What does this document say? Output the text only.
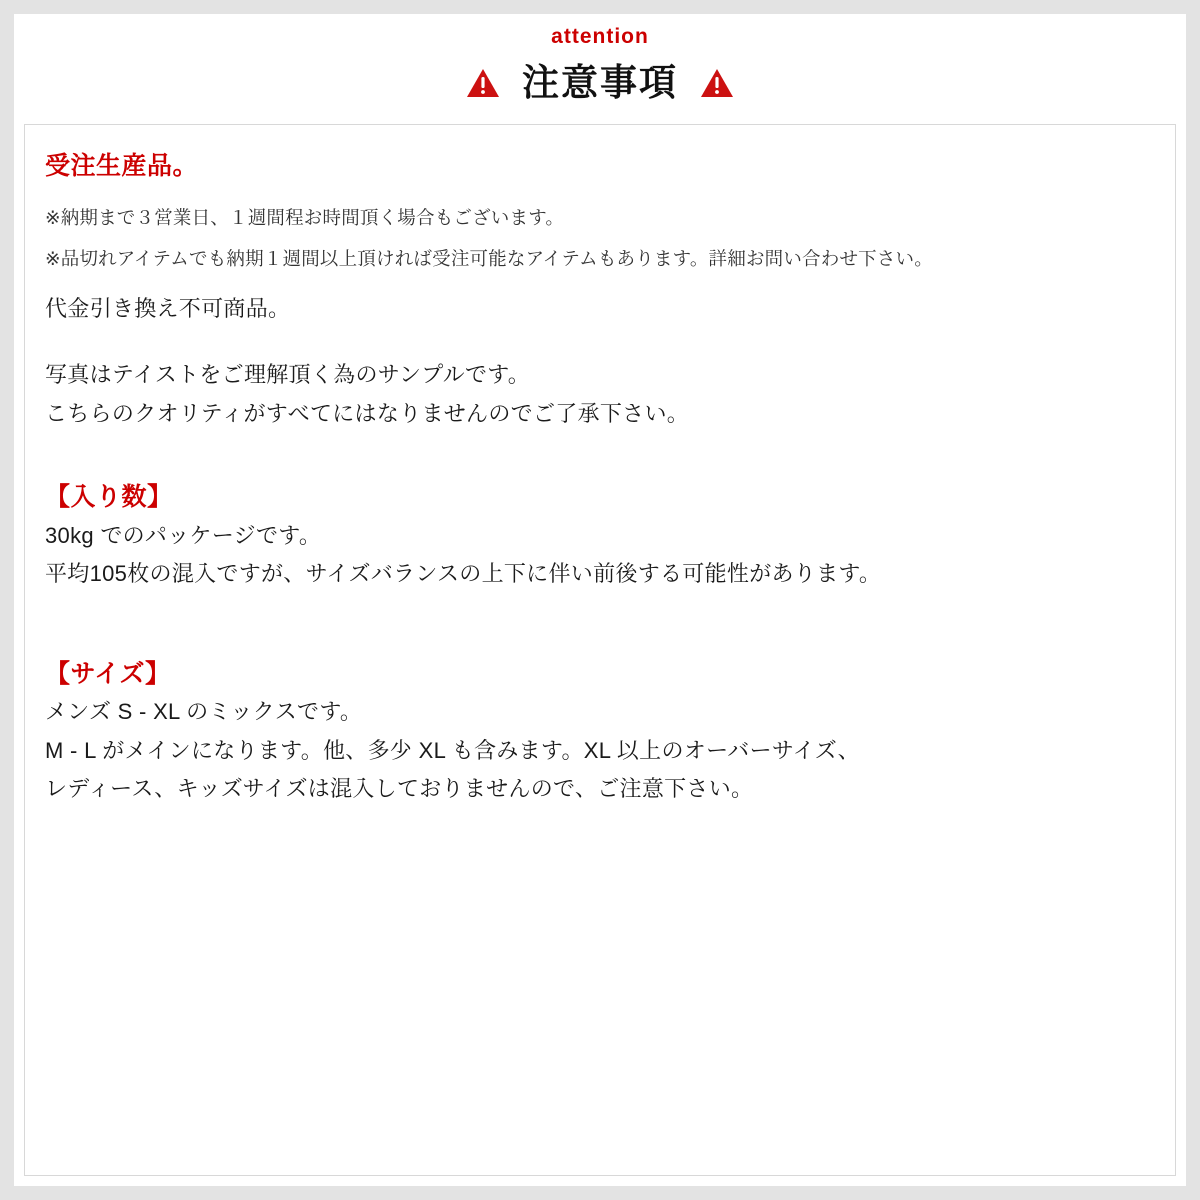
attention
注意事項

受注生産品。

※納期まで３営業日、１週間程お時間頂く場合もございます。

※品切れアイテムでも納期１週間以上頂ければ受注可能なアイテムもあります。詳細お問い合わせ下さい。

代金引き換え不可商品。

写真はテイストをご理解頂く為のサンプルです。

こちらのクオリティがすべてにはなりませんのでご了承下さい。

【入り数】

30kg でのパッケージです。

平均105枚の混入ですが、サイズバランスの上下に伴い前後する可能性があります。

【サイズ】

メンズ S - XL のミックスです。

M - L がメインになります。他、多少 XL も含みます。XL 以上のオーバーサイズ、

レディース、キッズサイズは混入しておりませんので、ご注意下さい。
